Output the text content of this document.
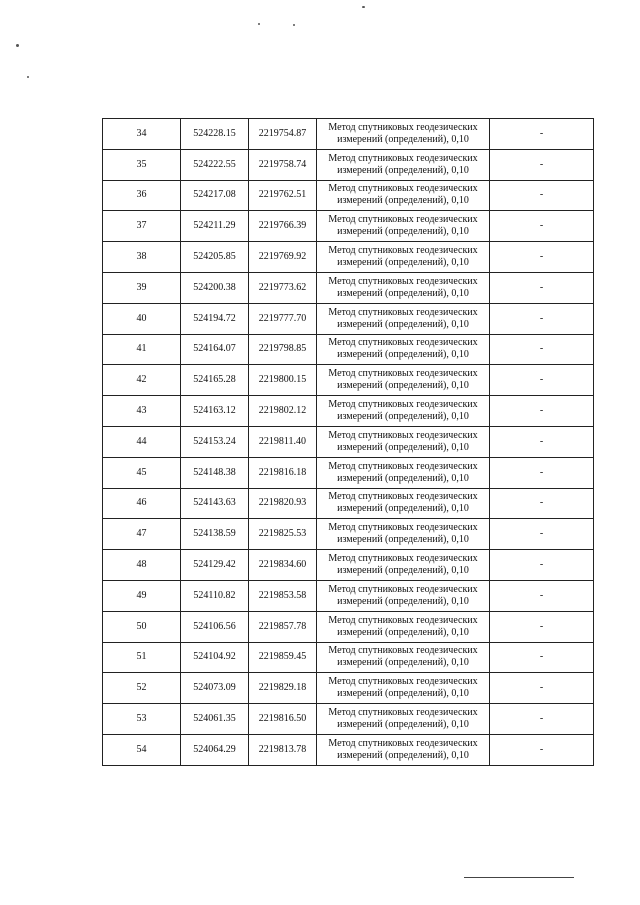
34	524228.15	2219754.87	Метод спутниковых геодезических
измерений (определений), 0,10	-
35	524222.55	2219758.74	Метод спутниковых геодезических
измерений (определений), 0,10	-
36	524217.08	2219762.51	Метод спутниковых геодезических
измерений (определений), 0,10	-
37	524211.29	2219766.39	Метод спутниковых геодезических
измерений (определений), 0,10	-
38	524205.85	2219769.92	Метод спутниковых геодезических
измерений (определений), 0,10	-
39	524200.38	2219773.62	Метод спутниковых геодезических
измерений (определений), 0,10	-
40	524194.72	2219777.70	Метод спутниковых геодезических
измерений (определений), 0,10	-
41	524164.07	2219798.85	Метод спутниковых геодезических
измерений (определений), 0,10	-
42	524165.28	2219800.15	Метод спутниковых геодезических
измерений (определений), 0,10	-
43	524163.12	2219802.12	Метод спутниковых геодезических
измерений (определений), 0,10	-
44	524153.24	2219811.40	Метод спутниковых геодезических
измерений (определений), 0,10	-
45	524148.38	2219816.18	Метод спутниковых геодезических
измерений (определений), 0,10	-
46	524143.63	2219820.93	Метод спутниковых геодезических
измерений (определений), 0,10	-
47	524138.59	2219825.53	Метод спутниковых геодезических
измерений (определений), 0,10	-
48	524129.42	2219834.60	Метод спутниковых геодезических
измерений (определений), 0,10	-
49	524110.82	2219853.58	Метод спутниковых геодезических
измерений (определений), 0,10	-
50	524106.56	2219857.78	Метод спутниковых геодезических
измерений (определений), 0,10	-
51	524104.92	2219859.45	Метод спутниковых геодезических
измерений (определений), 0,10	-
52	524073.09	2219829.18	Метод спутниковых геодезических
измерений (определений), 0,10	-
53	524061.35	2219816.50	Метод спутниковых геодезических
измерений (определений), 0,10	-
54	524064.29	2219813.78	Метод спутниковых геодезических
измерений (определений), 0,10	-
